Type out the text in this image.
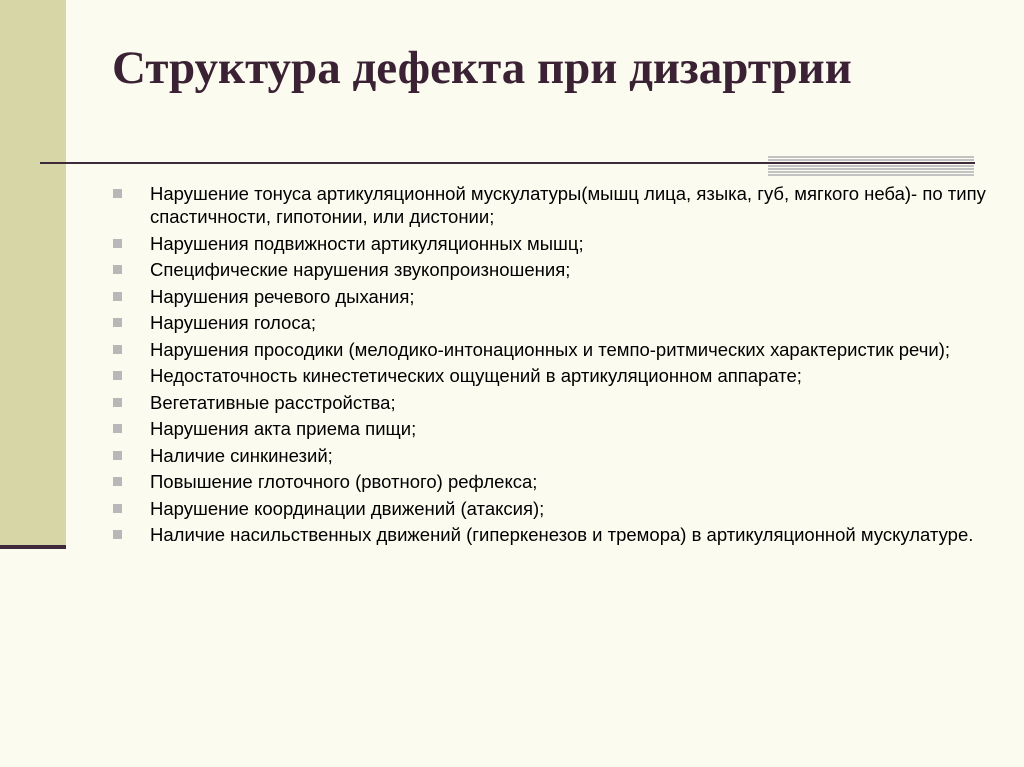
Структура дефекта при дизартрии
Нарушение тонуса артикуляционной мускулатуры(мышц лица, языка, губ, мягкого неба)- по типу спастичности, гипотонии, или дистонии;
Нарушения подвижности артикуляционных мышц;
Специфические нарушения звукопроизношения;
Нарушения речевого дыхания;
Нарушения голоса;
Нарушения просодики (мелодико-интонационных и темпо-ритмических характеристик речи);
Недостаточность кинестетических ощущений в артикуляционном аппарате;
Вегетативные расстройства;
Нарушения акта приема пищи;
Наличие синкинезий;
Повышение глоточного (рвотного) рефлекса;
Нарушение координации движений (атаксия);
Наличие насильственных движений (гиперкенезов и тремора) в артикуляционной мускулатуре.
